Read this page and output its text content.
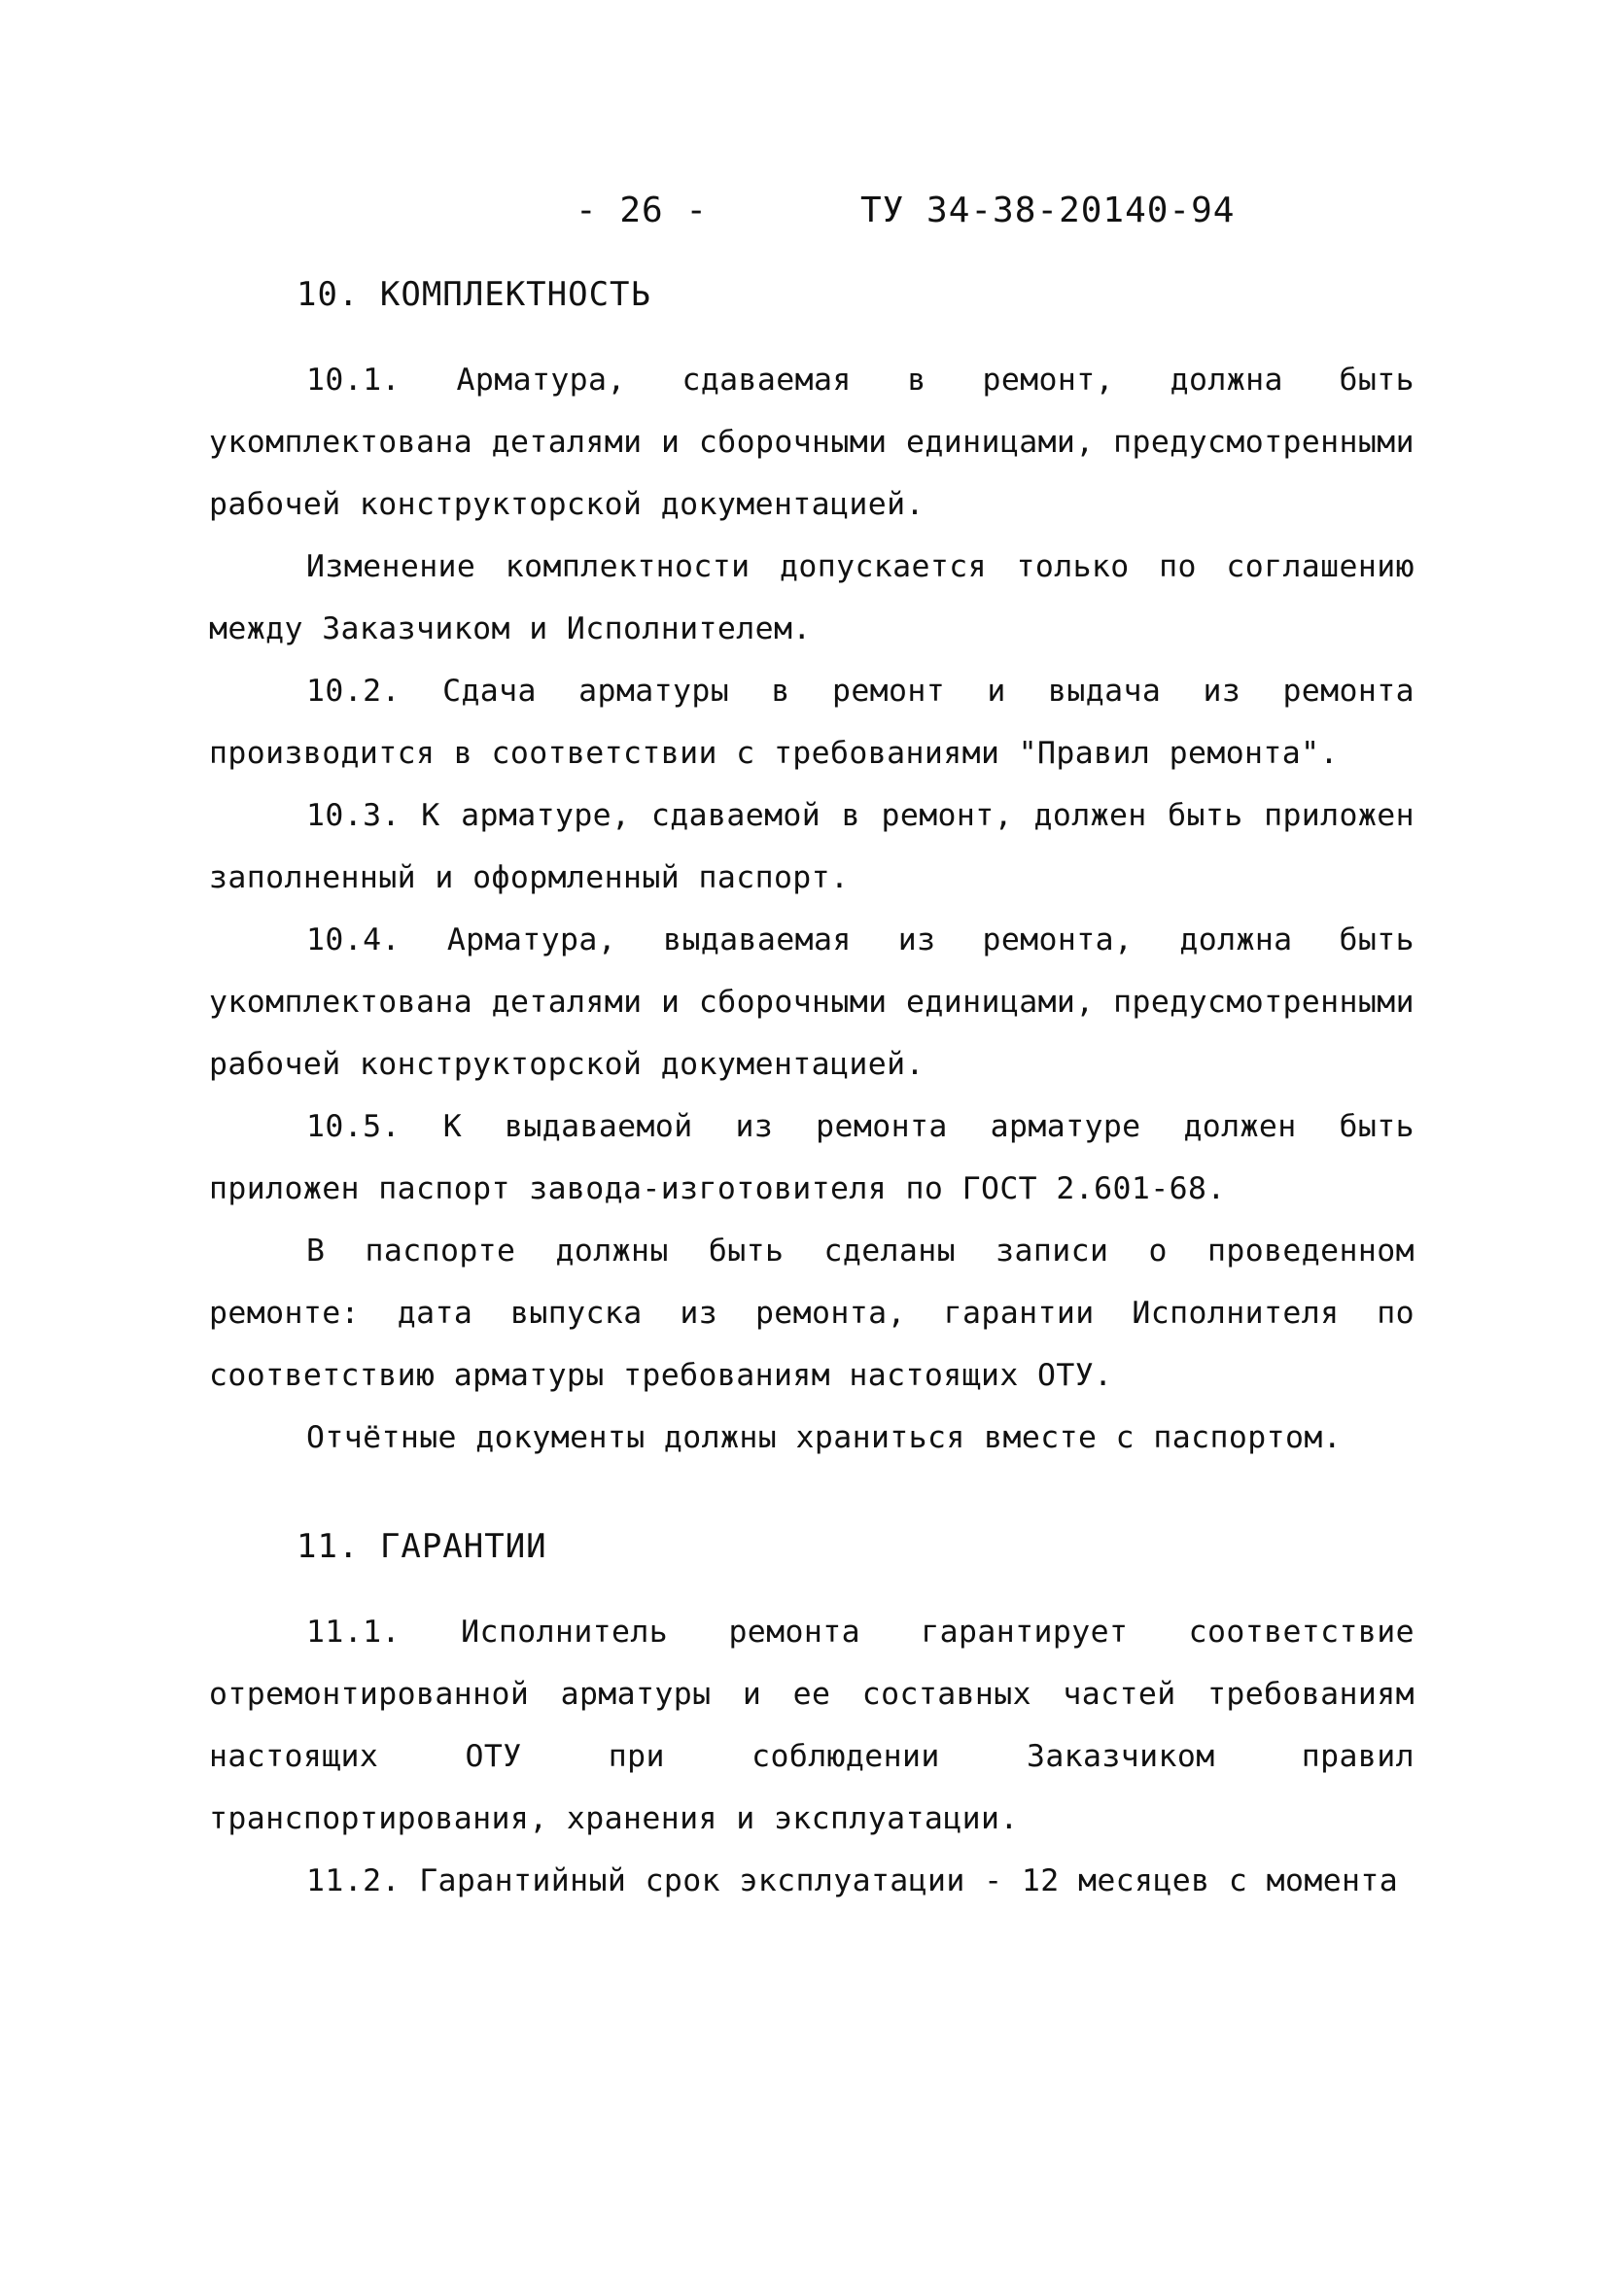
- 26 -	ТУ 34-38-20140-94
10. КОМПЛЕКТНОСТЬ

10.1. Арматура, сдаваемая в ремонт, должна быть укомплектована деталями и сборочными единицами, предусмотренными рабочей конструкторской документацией.

Изменение комплектности допускается только по соглашению между Заказчиком и Исполнителем.

10.2. Сдача арматуры в ремонт и выдача из ремонта производится в соответствии с требованиями "Правил ремонта".

10.3. К арматуре, сдаваемой в ремонт, должен быть приложен заполненный и оформленный паспорт.

10.4. Арматура, выдаваемая из ремонта, должна быть укомплектована деталями и сборочными единицами, предусмотренными рабочей конструкторской документацией.

10.5. К выдаваемой из ремонта арматуре должен быть приложен паспорт завода-изготовителя по ГОСТ 2.601-68.

В паспорте должны быть сделаны записи о проведенном ремонте: дата выпуска из ремонта, гарантии Исполнителя по соответствию арматуры требованиям настоящих ОТУ.

Отчётные документы должны храниться вместе с паспортом.

11. ГАРАНТИИ

11.1. Исполнитель ремонта гарантирует соответствие отремонтированной арматуры и ее составных частей требованиям настоящих ОТУ при соблюдении Заказчиком правил транспортирования, хранения и эксплуатации.

11.2. Гарантийный срок эксплуатации - 12 месяцев с момента
